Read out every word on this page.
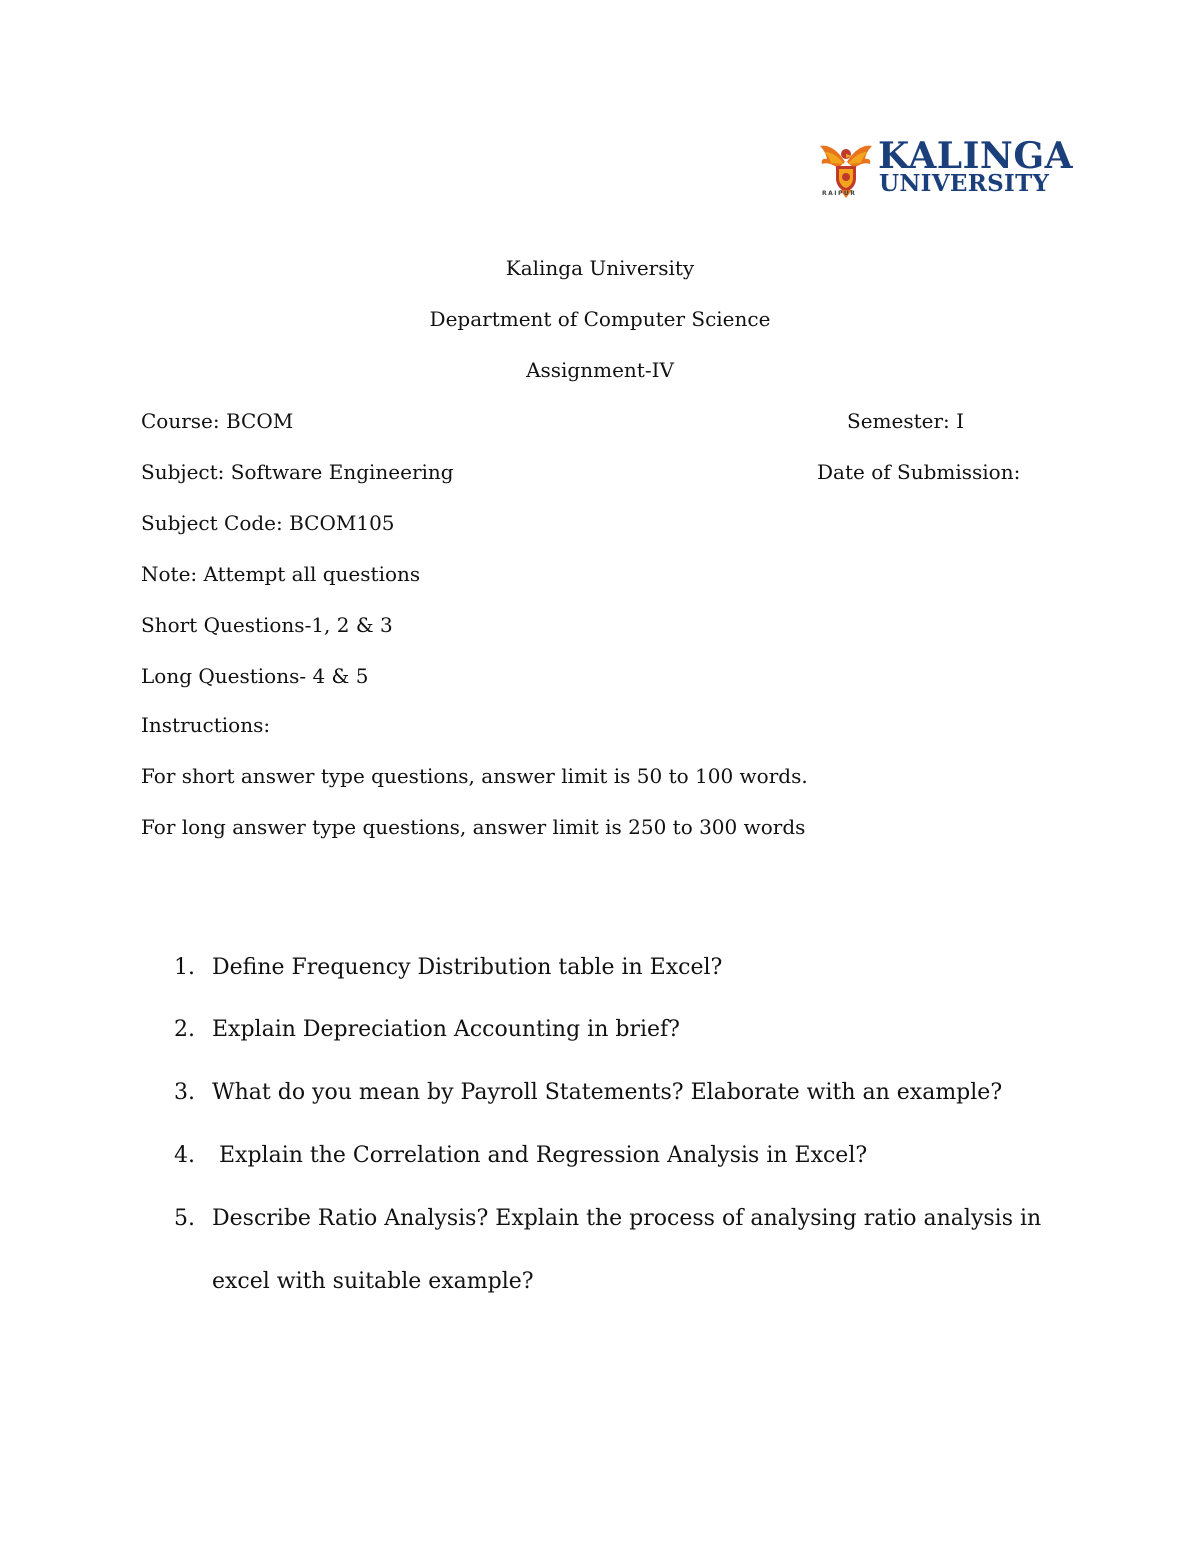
KALINGA
UNIVERSITY
RAIPUR
Kalinga University
Department of Computer Science
Assignment-IV
Course: BCOM	Semester: I
Subject: Software Engineering	Date of Submission:
Subject Code: BCOM105
Note: Attempt all questions
Short Questions-1, 2 & 3
Long Questions- 4 & 5
Instructions:
For short answer type questions, answer limit is 50 to 100 words.
For long answer type questions, answer limit is 250 to 300 words
1. Define Frequency Distribution table in Excel?
2. Explain Depreciation Accounting in brief?
3. What do you mean by Payroll Statements? Elaborate with an example?
4. Explain the Correlation and Regression Analysis in Excel?
5. Describe Ratio Analysis? Explain the process of analysing ratio analysis in
excel with suitable example?
